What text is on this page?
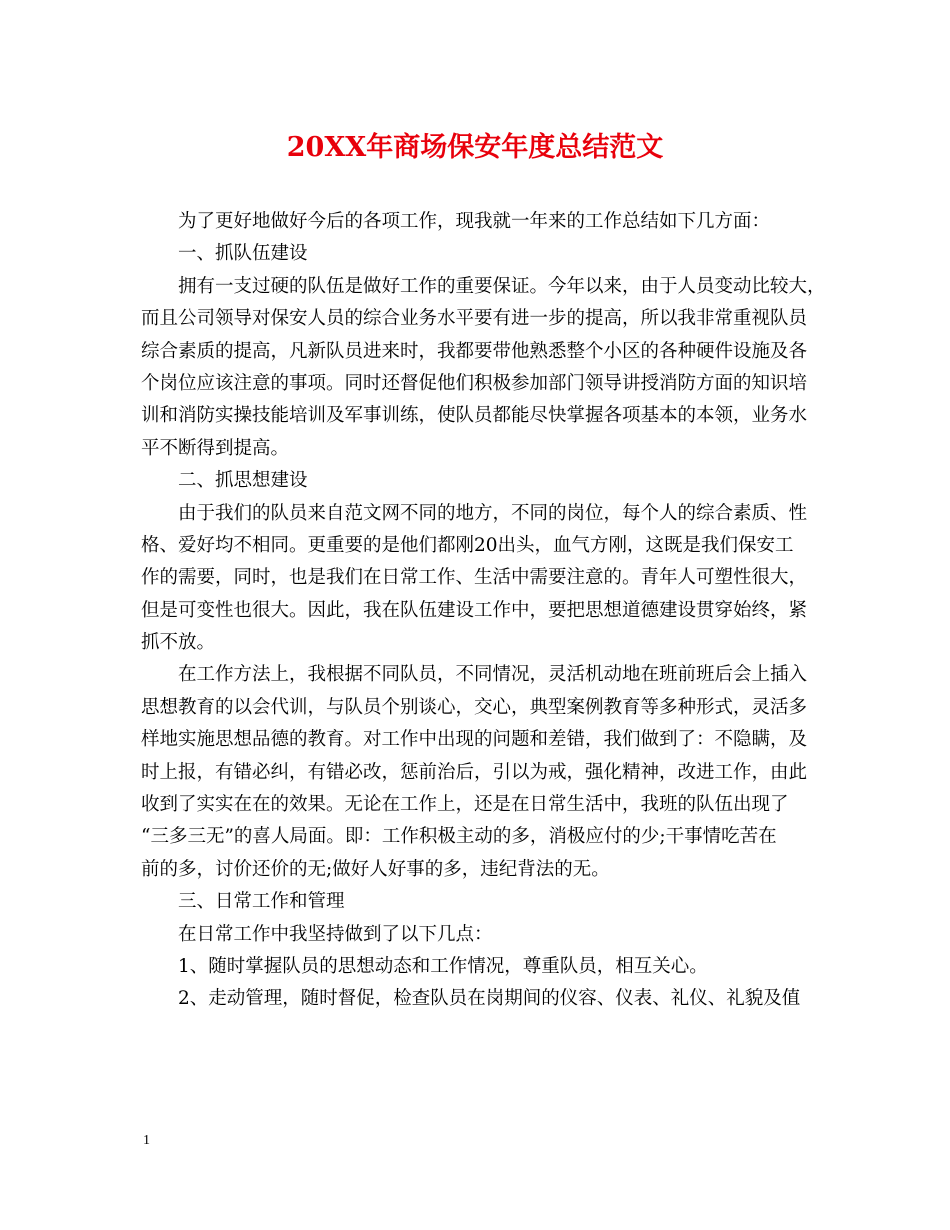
20XX年商场保安年度总结范文
为了更好地做好今后的各项工作，现我就一年来的工作总结如下几方面：
一、抓队伍建设
拥有一支过硬的队伍是做好工作的重要保证。今年以来，由于人员变动比较大，
而且公司领导对保安人员的综合业务水平要有进一步的提高，所以我非常重视队员
综合素质的提高，凡新队员进来时，我都要带他熟悉整个小区的各种硬件设施及各
个岗位应该注意的事项。同时还督促他们积极参加部门领导讲授消防方面的知识培
训和消防实操技能培训及军事训练，使队员都能尽快掌握各项基本的本领，业务水
平不断得到提高。
二、抓思想建设
由于我们的队员来自范文网不同的地方，不同的岗位，每个人的综合素质、性
格、爱好均不相同。更重要的是他们都刚20出头，血气方刚，这既是我们保安工
作的需要，同时，也是我们在日常工作、生活中需要注意的。青年人可塑性很大，
但是可变性也很大。因此，我在队伍建设工作中，要把思想道德建设贯穿始终，紧
抓不放。
在工作方法上，我根据不同队员，不同情况，灵活机动地在班前班后会上插入
思想教育的以会代训，与队员个别谈心，交心，典型案例教育等多种形式，灵活多
样地实施思想品德的教育。对工作中出现的问题和差错，我们做到了：不隐瞒，及
时上报，有错必纠，有错必改，惩前治后，引以为戒，强化精神，改进工作，由此
收到了实实在在的效果。无论在工作上，还是在日常生活中，我班的队伍出现了
“三多三无”的喜人局面。即：工作积极主动的多，消极应付的少;干事情吃苦在
前的多，讨价还价的无;做好人好事的多，违纪背法的无。
三、日常工作和管理
在日常工作中我坚持做到了以下几点：
1、随时掌握队员的思想动态和工作情况，尊重队员，相互关心。
2、走动管理，随时督促，检查队员在岗期间的仪容、仪表、礼仪、礼貌及值
1
